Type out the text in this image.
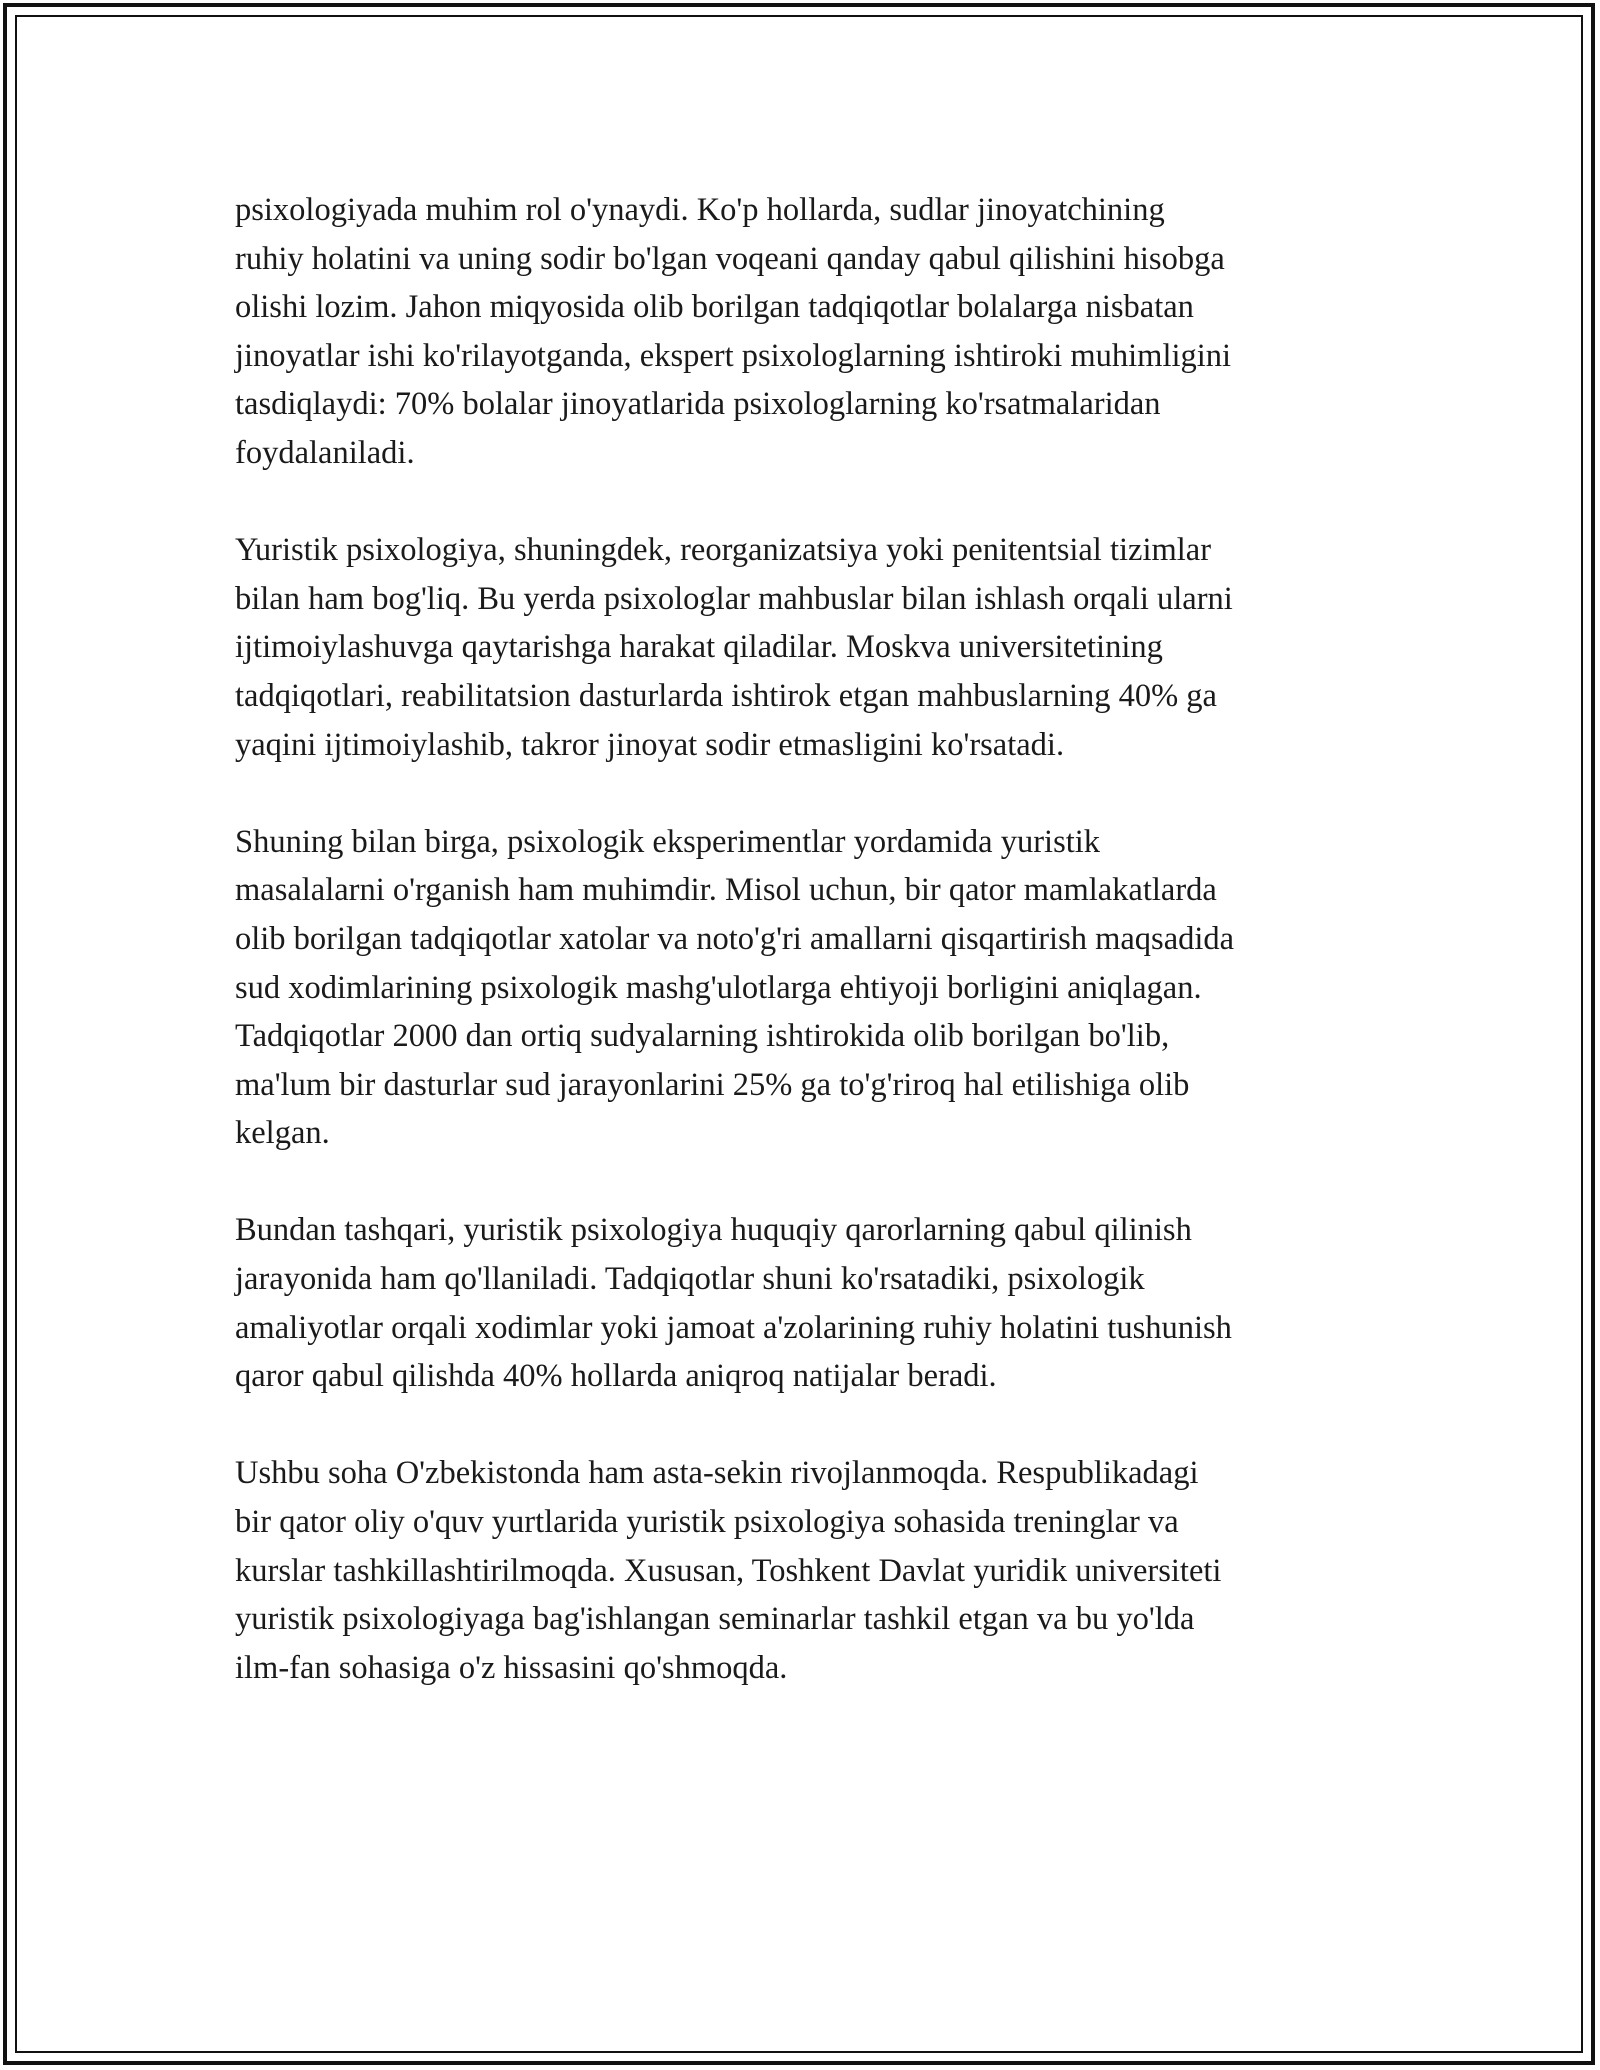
psixologiyada muhim rol o'ynaydi. Ko'p hollarda, sudlar jinoyatchining
ruhiy holatini va uning sodir bo'lgan voqeani qanday qabul qilishini hisobga
olishi lozim. Jahon miqyosida olib borilgan tadqiqotlar bolalarga nisbatan
jinoyatlar ishi ko'rilayotganda, ekspert psixologlarning ishtiroki muhimligini
tasdiqlaydi: 70% bolalar jinoyatlarida psixologlarning ko'rsatmalaridan
foydalaniladi.

Yuristik psixologiya, shuningdek, reorganizatsiya yoki penitentsial tizimlar
bilan ham bog'liq. Bu yerda psixologlar mahbuslar bilan ishlash orqali ularni
ijtimoiylashuvga qaytarishga harakat qiladilar. Moskva universitetining
tadqiqotlari, reabilitatsion dasturlarda ishtirok etgan mahbuslarning 40% ga
yaqini ijtimoiylashib, takror jinoyat sodir etmasligini ko'rsatadi.

Shuning bilan birga, psixologik eksperimentlar yordamida yuristik
masalalarni o'rganish ham muhimdir. Misol uchun, bir qator mamlakatlarda
olib borilgan tadqiqotlar xatolar va noto'g'ri amallarni qisqartirish maqsadida
sud xodimlarining psixologik mashg'ulotlarga ehtiyoji borligini aniqlagan.
Tadqiqotlar 2000 dan ortiq sudyalarning ishtirokida olib borilgan bo'lib,
ma'lum bir dasturlar sud jarayonlarini 25% ga to'g'riroq hal etilishiga olib
kelgan.

Bundan tashqari, yuristik psixologiya huquqiy qarorlarning qabul qilinish
jarayonida ham qo'llaniladi. Tadqiqotlar shuni ko'rsatadiki, psixologik
amaliyotlar orqali xodimlar yoki jamoat a'zolarining ruhiy holatini tushunish
qaror qabul qilishda 40% hollarda aniqroq natijalar beradi.

Ushbu soha O'zbekistonda ham asta-sekin rivojlanmoqda. Respublikadagi
bir qator oliy o'quv yurtlarida yuristik psixologiya sohasida treninglar va
kurslar tashkillashtirilmoqda. Xususan, Toshkent Davlat yuridik universiteti
yuristik psixologiyaga bag'ishlangan seminarlar tashkil etgan va bu yo'lda
ilm-fan sohasiga o'z hissasini qo'shmoqda.
